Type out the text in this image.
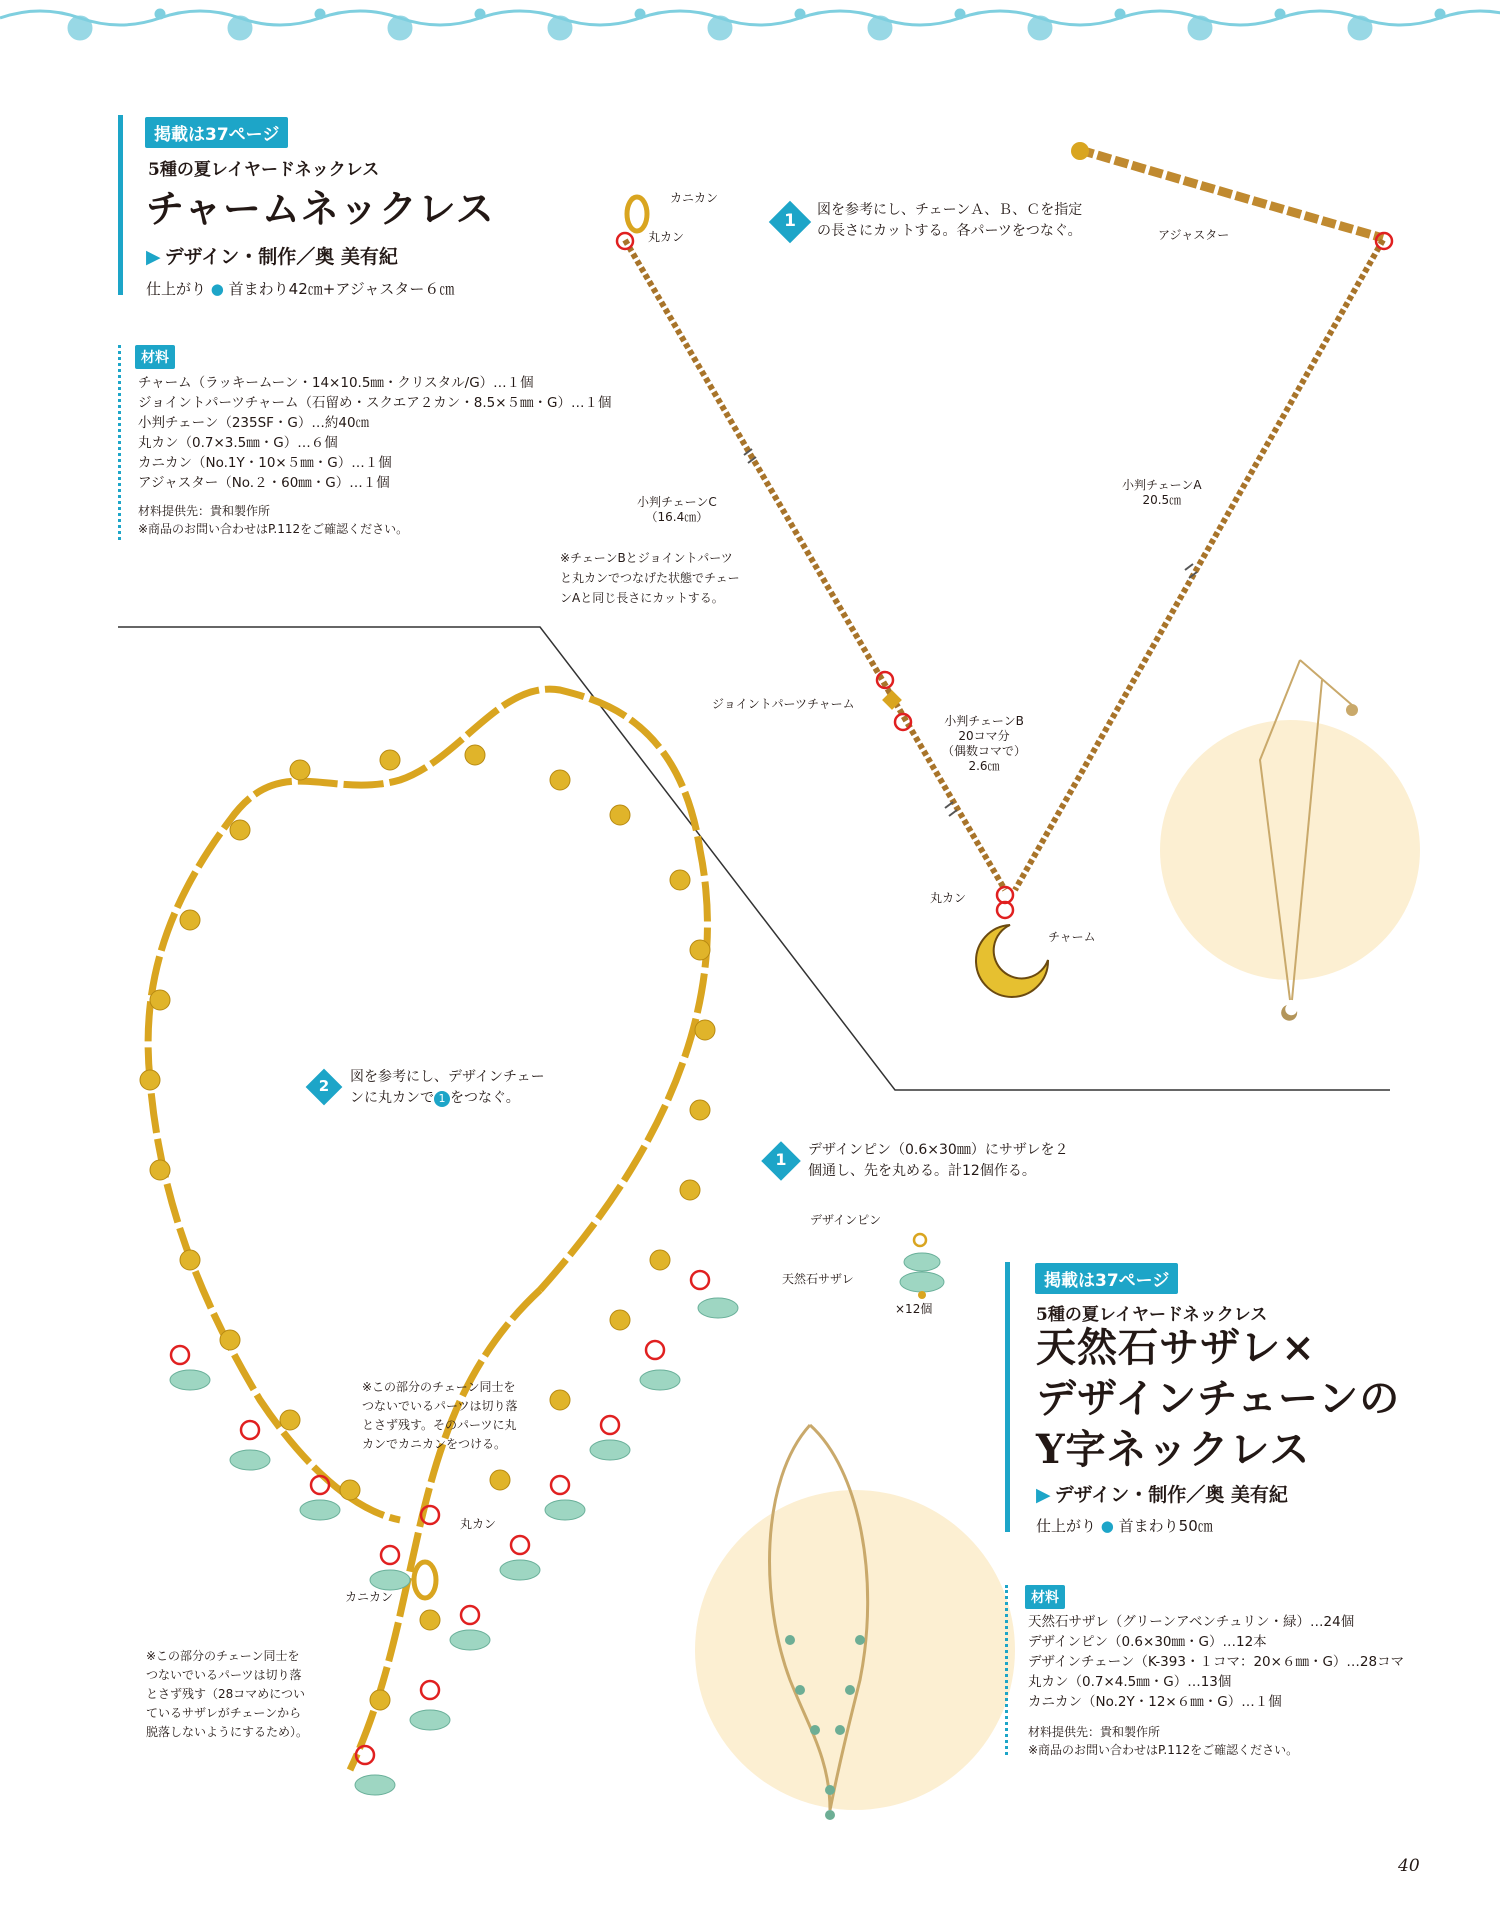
掲載は37ページ
5種の夏レイヤードネックレス
チャームネックレス
▶ デザイン・制作／奥 美有紀
仕上がり ● 首まわり42㎝+アジャスター６㎝
材料
チャーム（ラッキームーン・14×10.5㎜・クリスタル/G）…１個
ジョイントパーツチャーム（石留め・スクエア２カン・8.5×５㎜・G）…１個
小判チェーン（235SF・G）…約40㎝
丸カン（0.7×3.5㎜・G）…６個
カニカン（No.1Y・10×５㎜・G）…１個
アジャスター（No.２・60㎜・G）…１個
材料提供先：貴和製作所
※商品のお問い合わせはP.112をご確認ください。
1
図を参考にし、チェーンＡ、Ｂ、Ｃを指定
の長さにカットする。各パーツをつなぐ。
カニカン
丸カン	アジャスター
小判チェーンC
（16.4㎝）
小判チェーンA
20.5㎝
※チェーンBとジョイントパーツ
と丸カンでつなげた状態でチェー
ンAと同じ長さにカットする。
ジョイントパーツチャーム
小判チェーンB
20コマ分
（偶数コマで）
2.6㎝
丸カン
チャーム
2	図を参考にし、デザインチェー
ンに丸カンで 1 をつなぐ。
1	デザインピン（0.6×30㎜）にサザレを２
個通し、先を丸める。計12個作る。
デザインピン
天然石サザレ
×12個
※この部分のチェーン同士を
つないでいるパーツは切り落
とさず残す。そのパーツに丸
カンでカニカンをつける。
丸カン
カニカン
※この部分のチェーン同士を
つないでいるパーツは切り落
とさず残す（28コマめについ
ているサザレがチェーンから
脱落しないようにするため）。
掲載は37ページ
5種の夏レイヤードネックレス
天然石サザレ×
デザインチェーンの
Y字ネックレス
▶ デザイン・制作／奥 美有紀
仕上がり ● 首まわり50㎝
材料
天然石サザレ（グリーンアベンチュリン・緑）…24個
デザインピン（0.6×30㎜・G）…12本
デザインチェーン（K-393・１コマ：20×６㎜・G）…28コマ
丸カン（0.7×4.5㎜・G）…13個
カニカン（No.2Y・12×６㎜・G）…１個
材料提供先：貴和製作所
※商品のお問い合わせはP.112をご確認ください。
40
